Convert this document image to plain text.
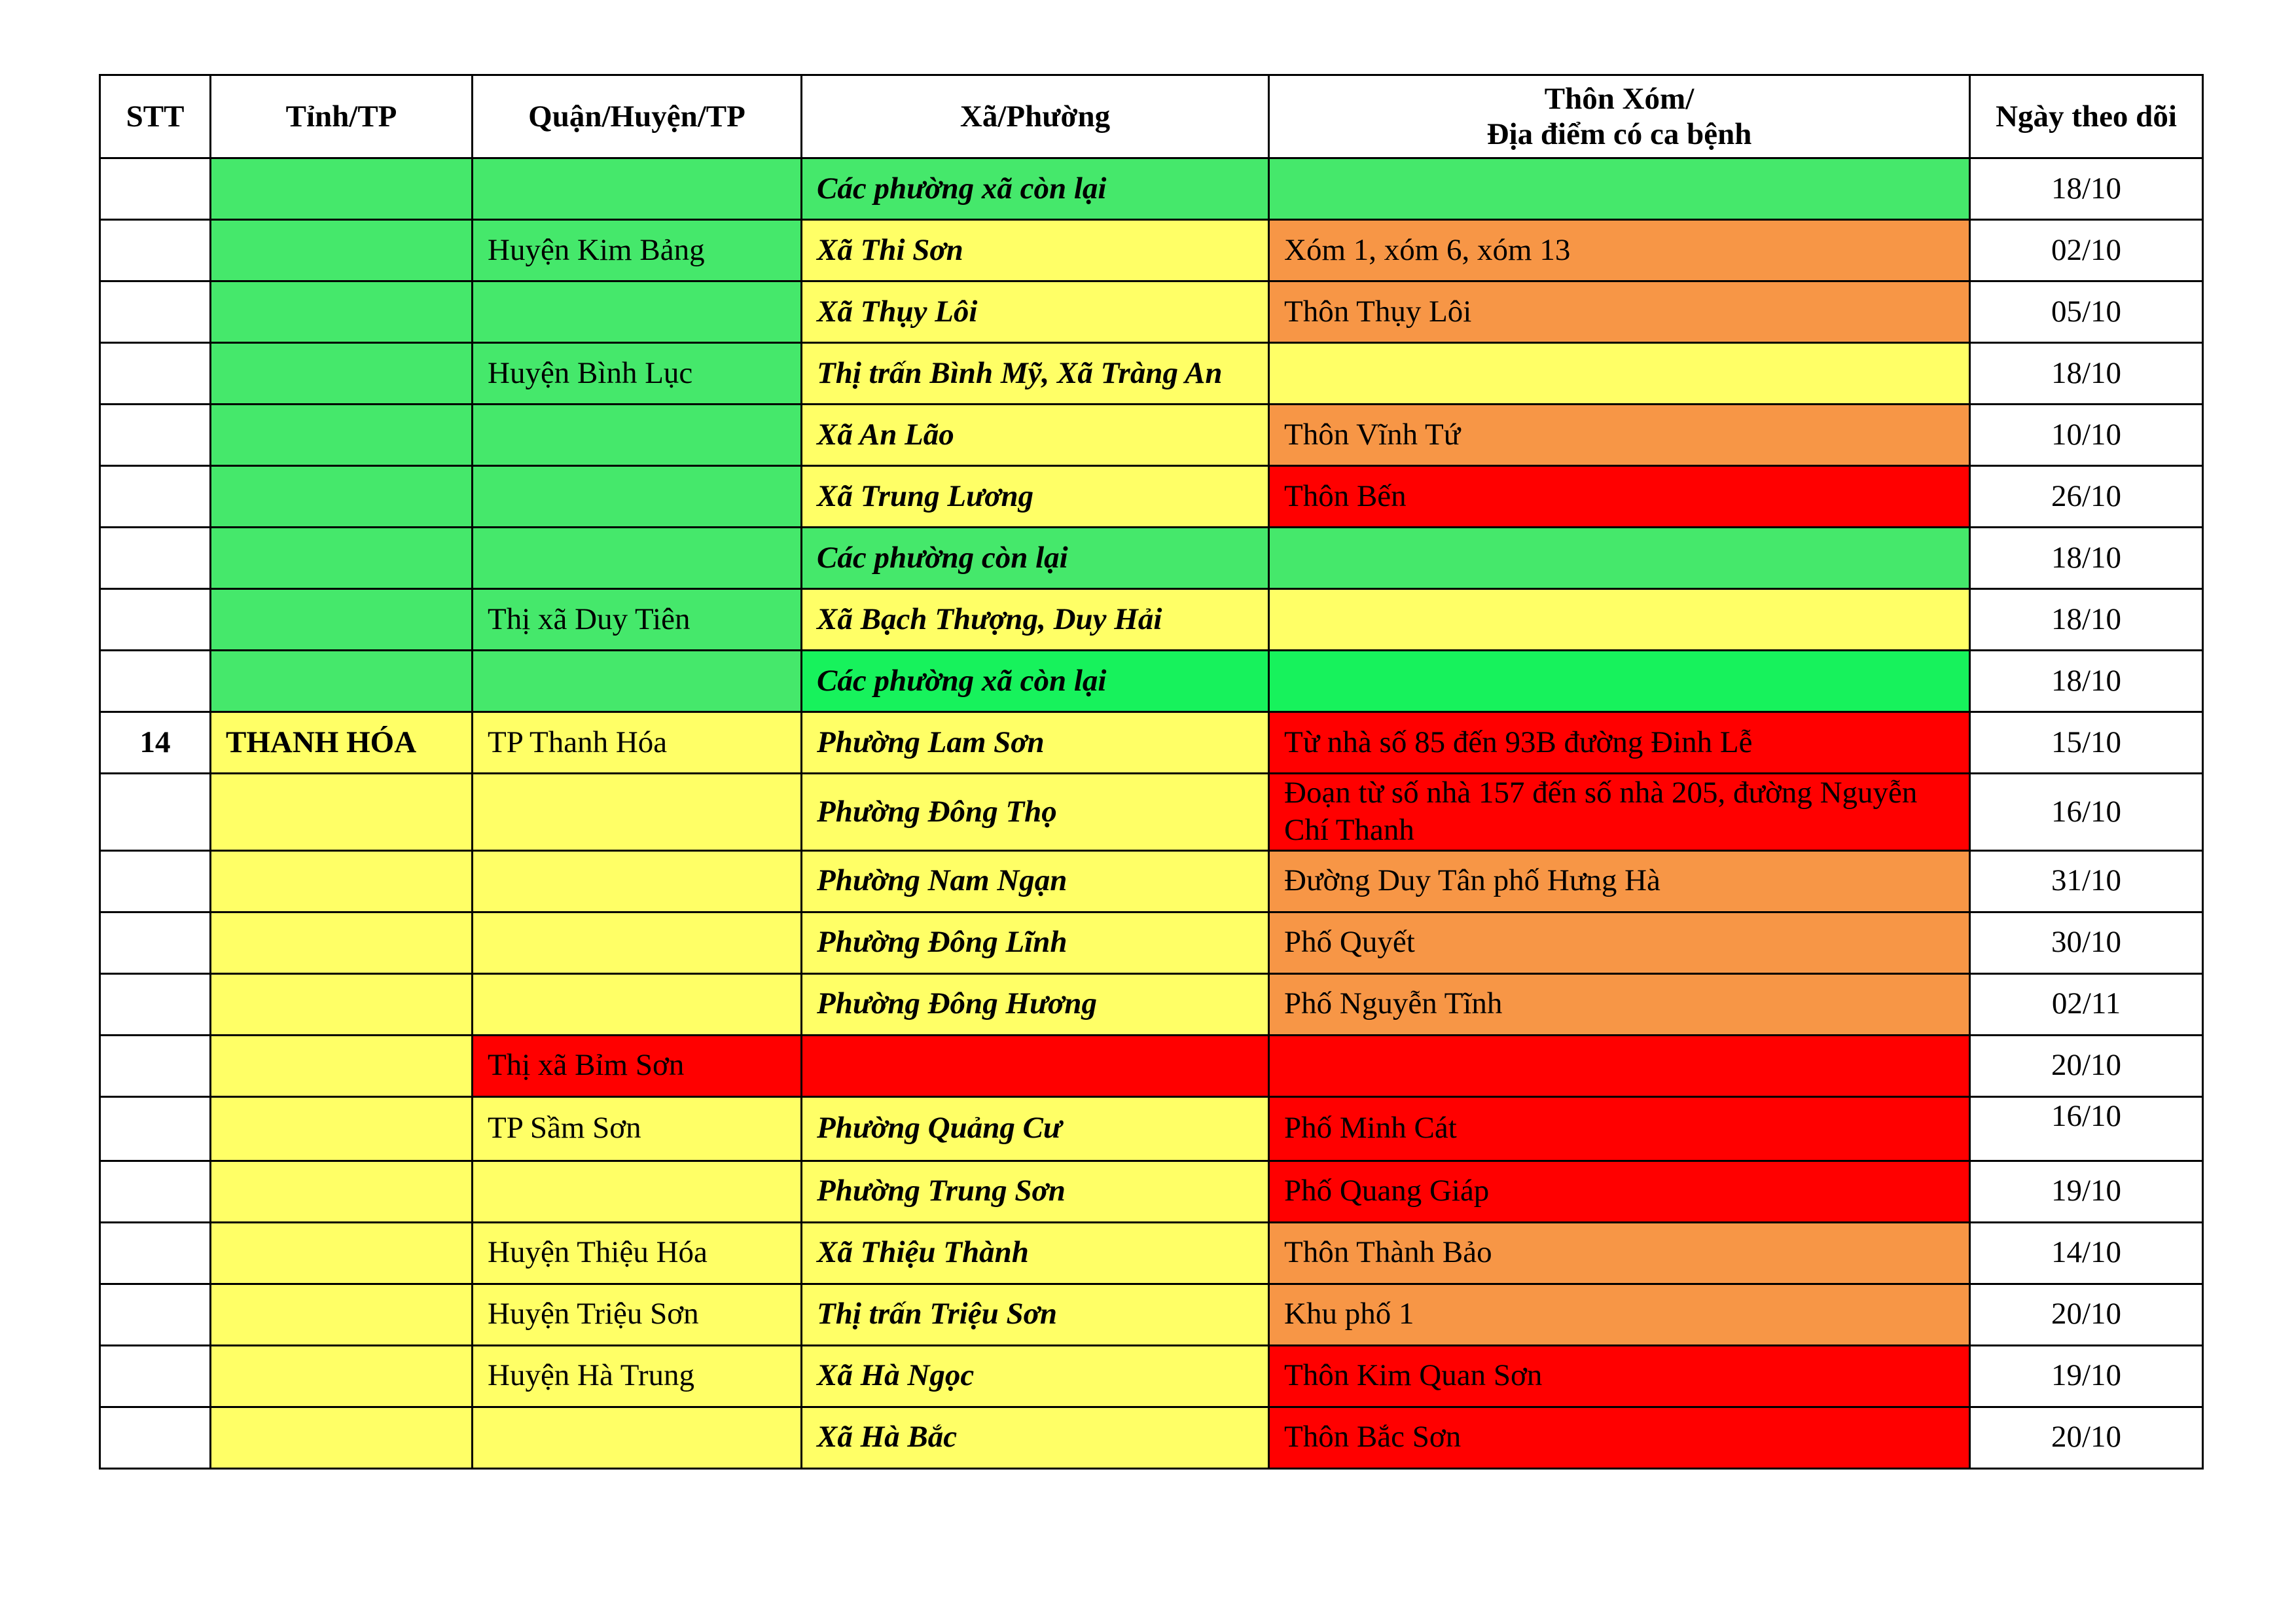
STT	Tỉnh/TP	Quận/Huyện/TP	Xã/Phường	Thôn Xóm/
Địa điểm có ca bệnh	Ngày theo dõi
			Các phường xã còn lại		18/10
		Huyện Kim Bảng	Xã Thi Sơn	Xóm 1, xóm 6, xóm 13	02/10
			Xã Thụy Lôi	Thôn Thụy Lôi	05/10
		Huyện Bình Lục	Thị trấn Bình Mỹ, Xã Tràng An		18/10
			Xã An Lão	Thôn Vĩnh Tứ	10/10
			Xã Trung Lương	Thôn Bến	26/10
			Các phường còn lại		18/10
		Thị xã Duy Tiên	Xã Bạch Thượng, Duy Hải		18/10
			Các phường xã còn lại		18/10
14	THANH HÓA	TP Thanh Hóa	Phường Lam Sơn	Từ nhà số 85 đến 93B đường Đinh Lễ	15/10
			Phường Đông Thọ	Đoạn từ số nhà 157 đến số nhà 205, đường Nguyễn Chí Thanh	16/10
			Phường Nam Ngạn	Đường Duy Tân phố Hưng Hà	31/10
			Phường Đông Lĩnh	Phố Quyết	30/10
			Phường Đông Hương	Phố Nguyễn Tĩnh	02/11
		Thị xã Bỉm Sơn			20/10
		TP Sầm Sơn	Phường Quảng Cư	Phố Minh Cát	16/10
			Phường Trung Sơn	Phố Quang Giáp	19/10
		Huyện Thiệu Hóa	Xã Thiệu Thành	Thôn Thành Bảo	14/10
		Huyện Triệu Sơn	Thị trấn Triệu Sơn	Khu phố 1	20/10
		Huyện Hà Trung	Xã Hà Ngọc	Thôn Kim Quan Sơn	19/10
			Xã Hà Bắc	Thôn Bắc Sơn	20/10
